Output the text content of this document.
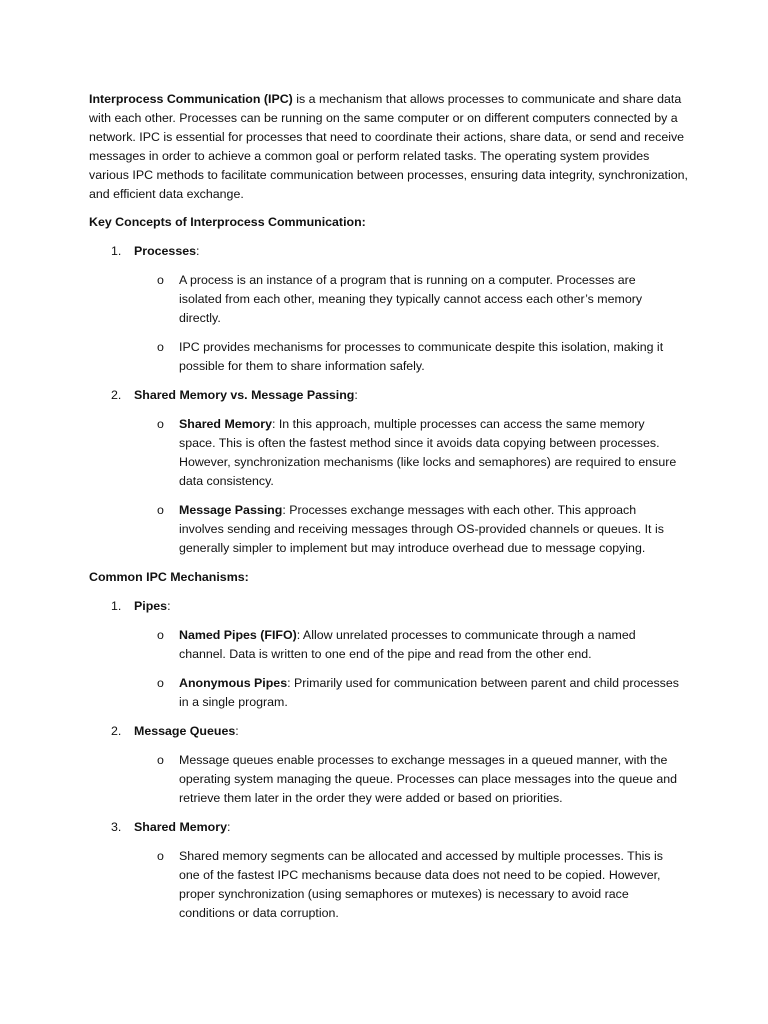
Interprocess Communication (IPC) is a mechanism that allows processes to communicate and share data with each other. Processes can be running on the same computer or on different computers connected by a network. IPC is essential for processes that need to coordinate their actions, share data, or send and receive messages in order to achieve a common goal or perform related tasks. The operating system provides various IPC methods to facilitate communication between processes, ensuring data integrity, synchronization, and efficient data exchange.

Key Concepts of Interprocess Communication:
1. Processes:
o A process is an instance of a program that is running on a computer. Processes are isolated from each other, meaning they typically cannot access each other’s memory directly.
o IPC provides mechanisms for processes to communicate despite this isolation, making it possible for them to share information safely.
2. Shared Memory vs. Message Passing:
o Shared Memory: In this approach, multiple processes can access the same memory space. This is often the fastest method since it avoids data copying between processes. However, synchronization mechanisms (like locks and semaphores) are required to ensure data consistency.
o Message Passing: Processes exchange messages with each other. This approach involves sending and receiving messages through OS-provided channels or queues. It is generally simpler to implement but may introduce overhead due to message copying.
Common IPC Mechanisms:
1. Pipes:
o Named Pipes (FIFO): Allow unrelated processes to communicate through a named channel. Data is written to one end of the pipe and read from the other end.
o Anonymous Pipes: Primarily used for communication between parent and child processes in a single program.
2. Message Queues:
o Message queues enable processes to exchange messages in a queued manner, with the operating system managing the queue. Processes can place messages into the queue and retrieve them later in the order they were added or based on priorities.
3. Shared Memory:
o Shared memory segments can be allocated and accessed by multiple processes. This is one of the fastest IPC mechanisms because data does not need to be copied. However, proper synchronization (using semaphores or mutexes) is necessary to avoid race conditions or data corruption.
